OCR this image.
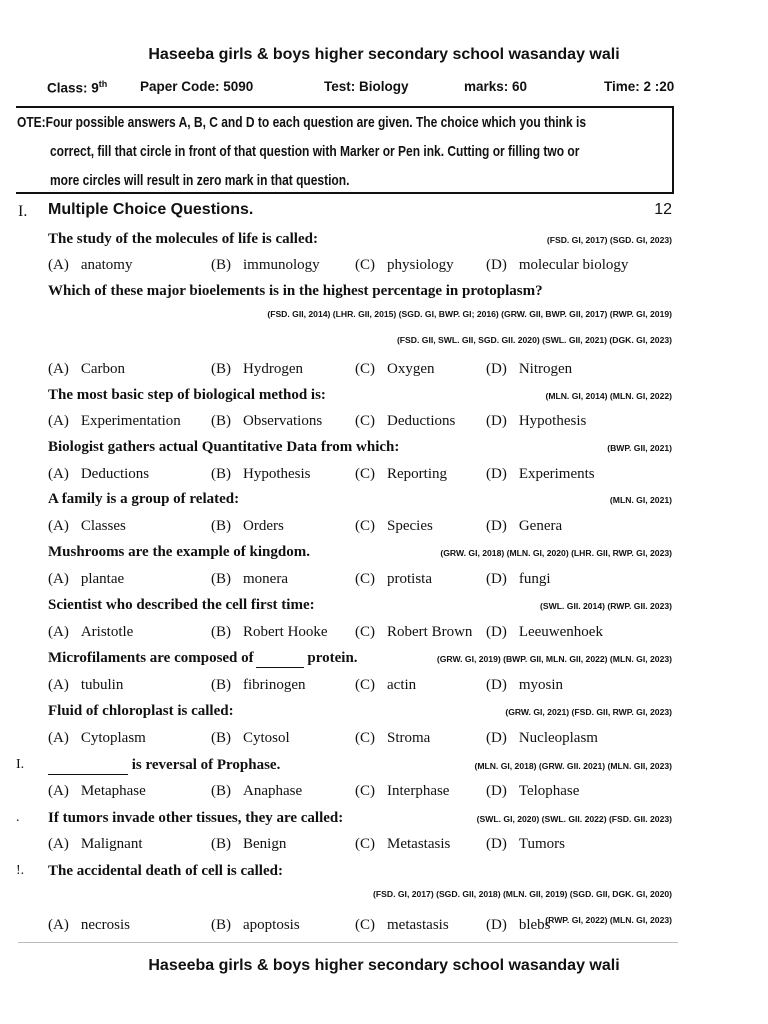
Haseeba girls & boys higher secondary school wasanday wali
Class: 9th Paper Code: 5090	Test: Biology	marks: 60	Time: 2 :20
OTE:Four possible answers A, B, C and D to each question are given. The choice which you think is
correct, fill that circle in front of that question with Marker or Pen ink. Cutting or filling two or
more circles will result in zero mark in that question.
I. Multiple Choice Questions.	12
The study of the molecules of life is called:	(FSD. GI, 2017) (SGD. GI, 2023)
(A) anatomy	(B) immunology (C) physiology (D) molecular biology
Which of these major bioelements is in the highest percentage in protoplasm?
(FSD. GII, 2014) (LHR. GII, 2015) (SGD. GI, BWP. GI; 2016) (GRW. GII, BWP. GII, 2017) (RWP. GI, 2019)
(FSD. GII, SWL. GII, SGD. GII. 2020) (SWL. GII, 2021) (DGK. GI, 2023)
(A) Carbon	(B) Hydrogen	(C) Oxygen	(D) Nitrogen
The most basic step of biological method is:	(MLN. GI, 2014) (MLN. GI, 2022)
(A) Experimentation (B) Observations (C) Deductions (D) Hypothesis
Biologist gathers actual Quantitative Data from which:	(BWP. GII, 2021)
(A) Deductions	(B) Hypothesis	(C) Reporting	(D) Experiments
A family is a group of related:	(MLN. GI, 2021)
(A) Classes	(B) Orders	(C) Species	(D) Genera
Mushrooms are the example of kingdom.	(GRW. GI, 2018) (MLN. GI, 2020) (LHR. GII, RWP. GI, 2023)
(A) plantae	(B) monera	(C) protista	(D) fungi
Scientist who described the cell first time:	(SWL. GII. 2014) (RWP. GII. 2023)
(A) Aristotle	(B) Robert Hooke (C) Robert Brown (D) Leeuwenhoek
Microfilaments are composed of	protein.	(GRW. GI, 2019) (BWP. GII, MLN. GII, 2022) (MLN. GI, 2023)
(A) tubulin	(B) fibrinogen	(C) actin	(D) myosin
Fluid of chloroplast is called:	(GRW. GI, 2021) (FSD. GII, RWP. GI, 2023)
(A) Cytoplasm	(B) Cytosol	(C) Stroma	(D) Nucleoplasm
I.	is reversal of Prophase.	(MLN. GI, 2018) (GRW. GII. 2021) (MLN. GII, 2023)
(A) Metaphase	(B) Anaphase	(C) Interphase (D) Telophase
. If tumors invade other tissues, they are called:	(SWL. GI, 2020) (SWL. GII. 2022) (FSD. GII. 2023)
(A) Malignant	(B) Benign	(C) Metastasis (D) Tumors
!. The accidental death of cell is called:
(FSD. GI, 2017) (SGD. GII, 2018) (MLN. GII, 2019) (SGD. GII, DGK. GI, 2020)
(RWP. GI, 2022) (MLN. GI, 2023)
(A) necrosis	(B) apoptosis	(C) metastasis (D) blebs
Haseeba girls & boys higher secondary school wasanday wali
